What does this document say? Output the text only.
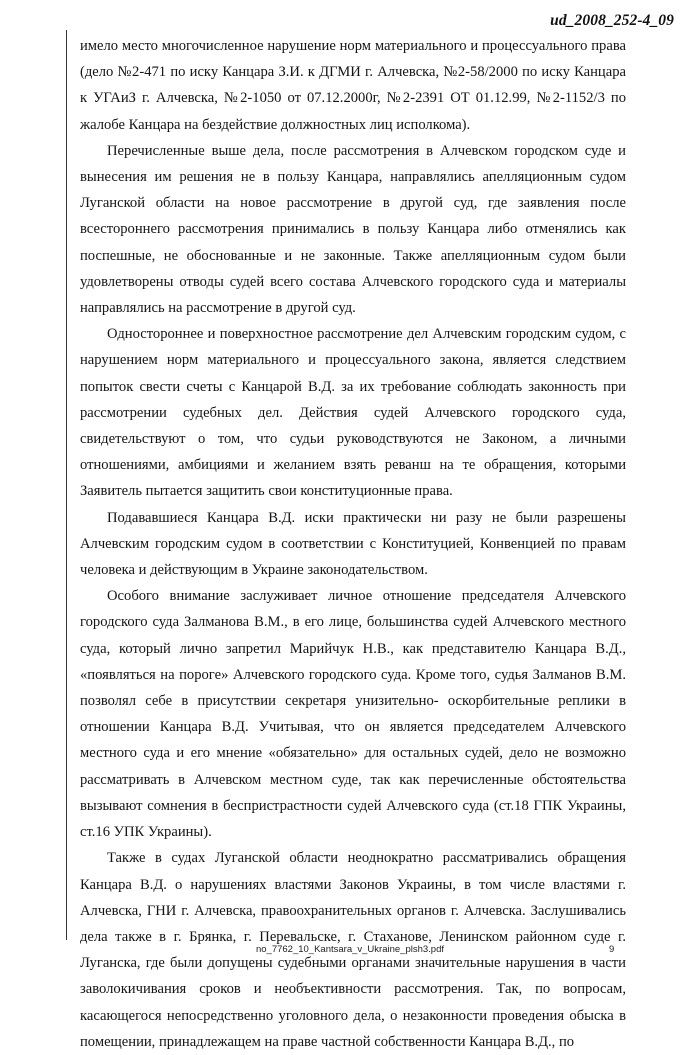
ud_2008_252-4_09

имело место многочисленное нарушение норм материального и процессуального права (дело №2-471 по иску Канцара З.И. к ДГМИ г. Алчевска, №2-58/2000 по иску Канцара к УГАиЗ г. Алчевска, №2-1050 от 07.12.2000г, №2-2391 ОТ 01.12.99, №2-1152/3 по жалобе Канцара на бездействие должностных лиц исполкома).

Перечисленные выше дела, после рассмотрения в Алчевском городском суде и вынесения им решения не в пользу Канцара, направлялись апелляционным судом Луганской области на новое рассмотрение в другой суд, где заявления после всестороннего рассмотрения принимались в пользу Канцара либо отменялись как поспешные, не обоснованные и не законные. Также апелляционным судом были удовлетворены отводы судей всего состава Алчевского городского суда и материалы направлялись на рассмотрение в другой суд.

Одностороннее и поверхностное рассмотрение дел Алчевским городским судом, с нарушением норм материального и процессуального закона, является следствием попыток свести счеты с Канцарой В.Д. за их требование соблюдать законность при рассмотрении судебных дел. Действия судей Алчевского городского суда, свидетельствуют о том, что судьи руководствуются не Законом, а личными отношениями, амбициями и желанием взять реванш на те обращения, которыми Заявитель пытается защитить свои конституционные права.

Подававшиеся Канцара В.Д. иски практически ни разу не были разрешены Алчевским городским судом в соответствии с Конституцией, Конвенцией по правам человека и действующим в Украине законодательством.

Особого внимание заслуживает личное отношение председателя Алчевского городского суда Залманова В.М., в его лице, большинства судей Алчевского местного суда, который лично запретил Марийчук Н.В., как представителю Канцара В.Д., «появляться на пороге» Алчевского городского суда. Кроме того, судья Залманов В.М. позволял себе в присутствии секретаря унизительно- оскорбительные реплики в отношении Канцара В.Д. Учитывая, что он является председателем Алчевского местного суда и его мнение «обязательно» для остальных судей, дело не возможно рассматривать в Алчевском местном суде, так как перечисленные обстоятельства вызывают сомнения в беспристрастности судей Алчевского суда (ст.18 ГПК Украины, ст.16 УПК Украины).

Также в судах Луганской области неоднократно рассматривались обращения Канцара В.Д. о нарушениях властями Законов Украины, в том числе властями г. Алчевска, ГНИ г. Алчевска, правоохранительных органов г. Алчевска. Заслушивались дела также в г. Брянка, г. Перевальске, г. Стаханове, Ленинском районном суде г. Луганска, где были допущены судебными органами значительные нарушения в части заволокичивания сроков и необъективности рассмотрения. Так, по вопросам, касающегося непосредственно уголовного дела, о незаконности проведения обыска в помещении, принадлежащем на праве частной собственности Канцара В.Д., по

no_7762_10_Kantsara_v_Ukraine_plsh3.pdf	9
